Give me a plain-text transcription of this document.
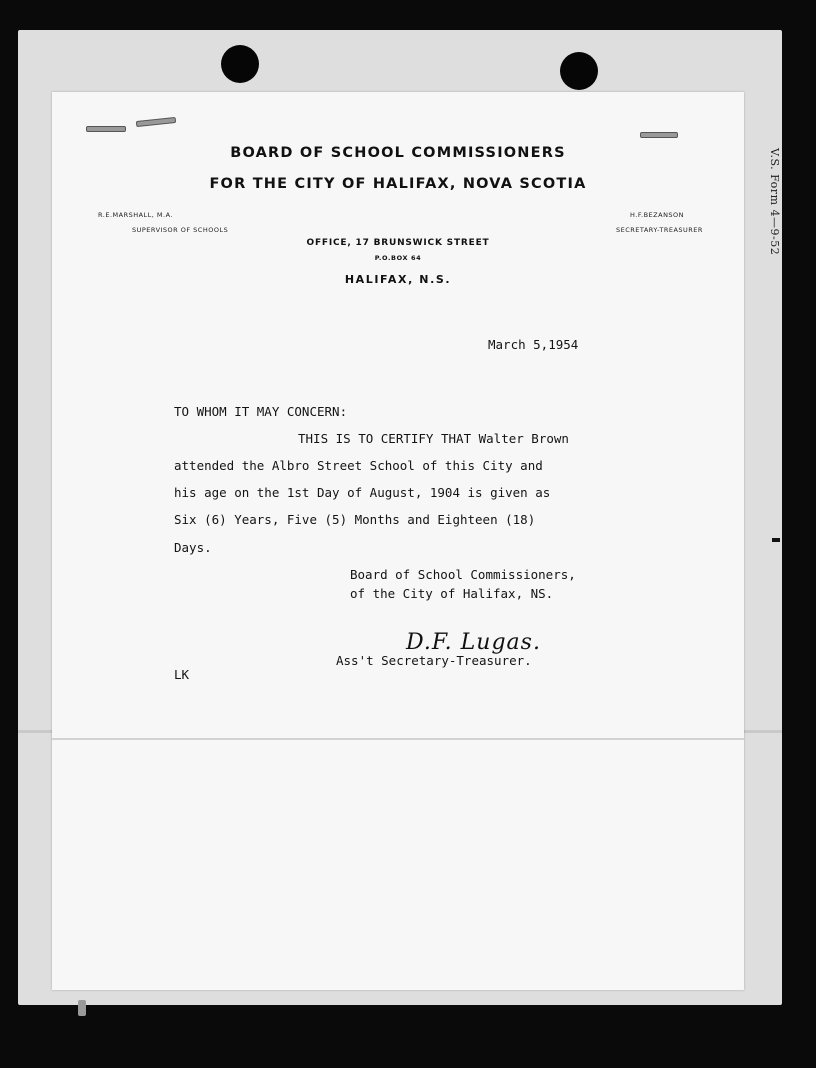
V.S. Form 4—9-52
BOARD OF SCHOOL COMMISSIONERS
FOR THE CITY OF HALIFAX, NOVA SCOTIA
R.E.MARSHALL, M.A.
SUPERVISOR OF SCHOOLS
H.F.BEZANSON
SECRETARY-TREASURER
OFFICE, 17 BRUNSWICK STREET
P.O.BOX 64
HALIFAX, N.S.
March 5,1954
TO WHOM IT MAY CONCERN:
THIS IS TO CERTIFY THAT Walter Brown
attended the Albro Street School of this City and
his age on the 1st Day of August, 1904 is given as
Six (6) Years, Five (5) Months and Eighteen (18)
Days.
Board of School Commissioners,
of the City of Halifax, NS.
D.F. Lugas.
Ass't Secretary-Treasurer.
LK
